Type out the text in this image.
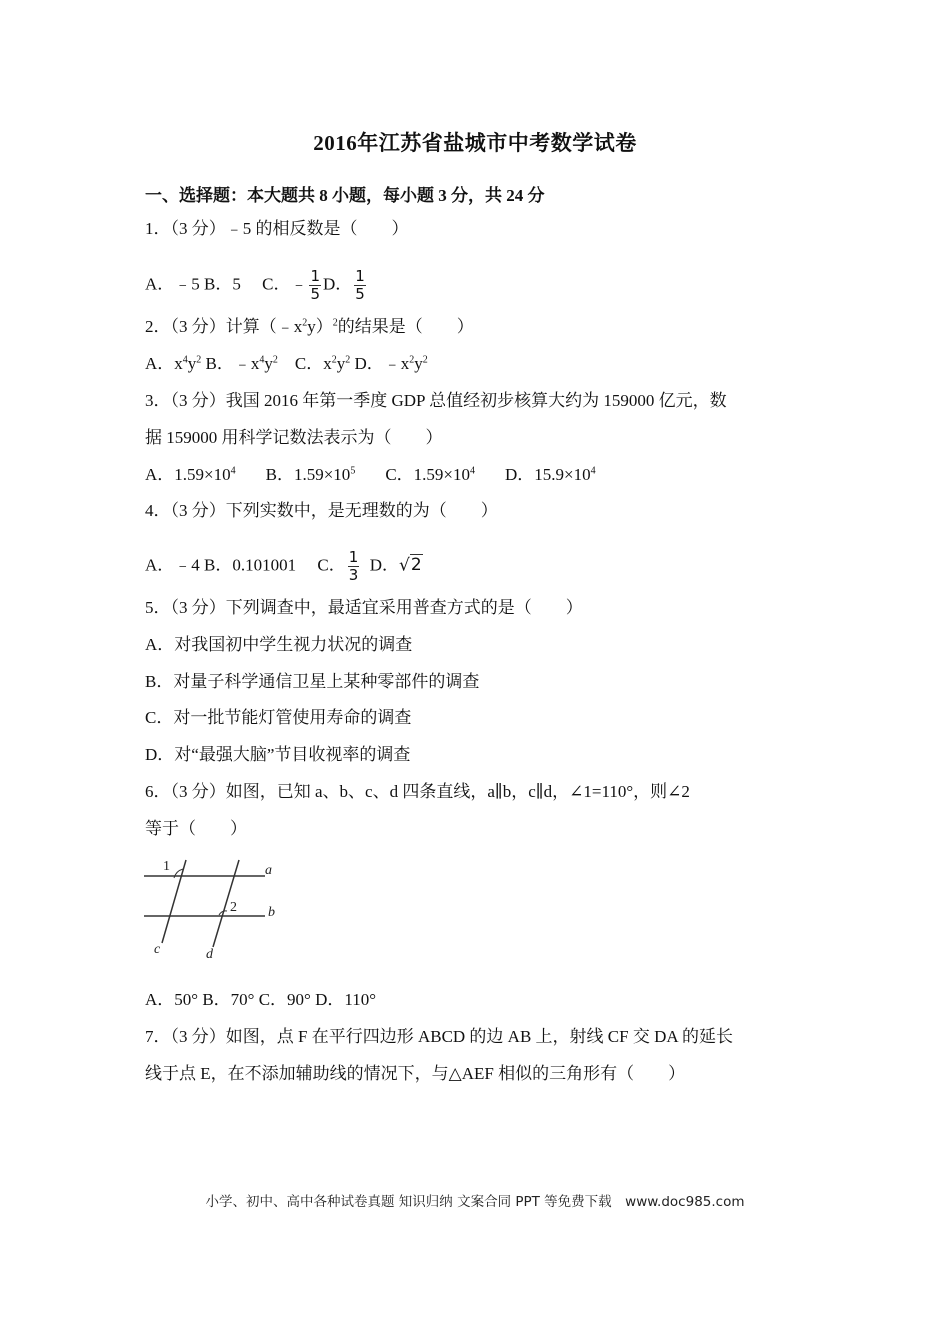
2016年江苏省盐城市中考数学试卷
一、选择题：本大题共 8 小题，每小题 3 分，共 24 分
1．（3 分）﹣5 的相反数是（　　）
A．﹣5 B．5　 C．﹣ $\frac{1}{5}$ D． $\frac{1}{5}$
2．（3 分）计算$(﹣x^2y)^2$的结果是（　　）
A．$x^4y^2$ B．$﹣x^4y^2$　C．$x^2y^2$ D．$﹣x^2y^2$
3．（3 分）我国 2016 年第一季度 GDP 总值经初步核算大约为 159000 亿元，数
据 159000 用科学记数法表示为（　　）
A．$1.59\times 10^4$ B．$1.59\times 10^5$ C．$1.59\times 10^4$ D．$15.9\times 10^4$
4．（3 分）下列实数中，是无理数的为（　　）
A．﹣4 B．0.101001　 C． $\frac{1}{3}$ D．√2
5．（3 分）下列调查中，最适宜采用普查方式的是（　　）
A．对我国初中学生视力状况的调查
B．对量子科学通信卫星上某种零部件的调查
C．对一批节能灯管使用寿命的调查
D．对“最强大脑”节目收视率的调查
6．（3 分）如图，已知 a、b、c、d 四条直线，a∥b，c∥d，∠1=110°，则∠2
等于（　　）
1
2
a
b
c	d
A．50° B．70° C．90° D．110°
7．（3 分）如图，点 F 在平行四边形 ABCD 的边 AB 上，射线 CF 交 DA 的延长
线于点 E，在不添加辅助线的情况下，与△AEF 相似的三角形有（　　）
小学、初中、高中各种试卷真题 知识归纳 文案合同 PPT 等免费下载　www.doc985.com
